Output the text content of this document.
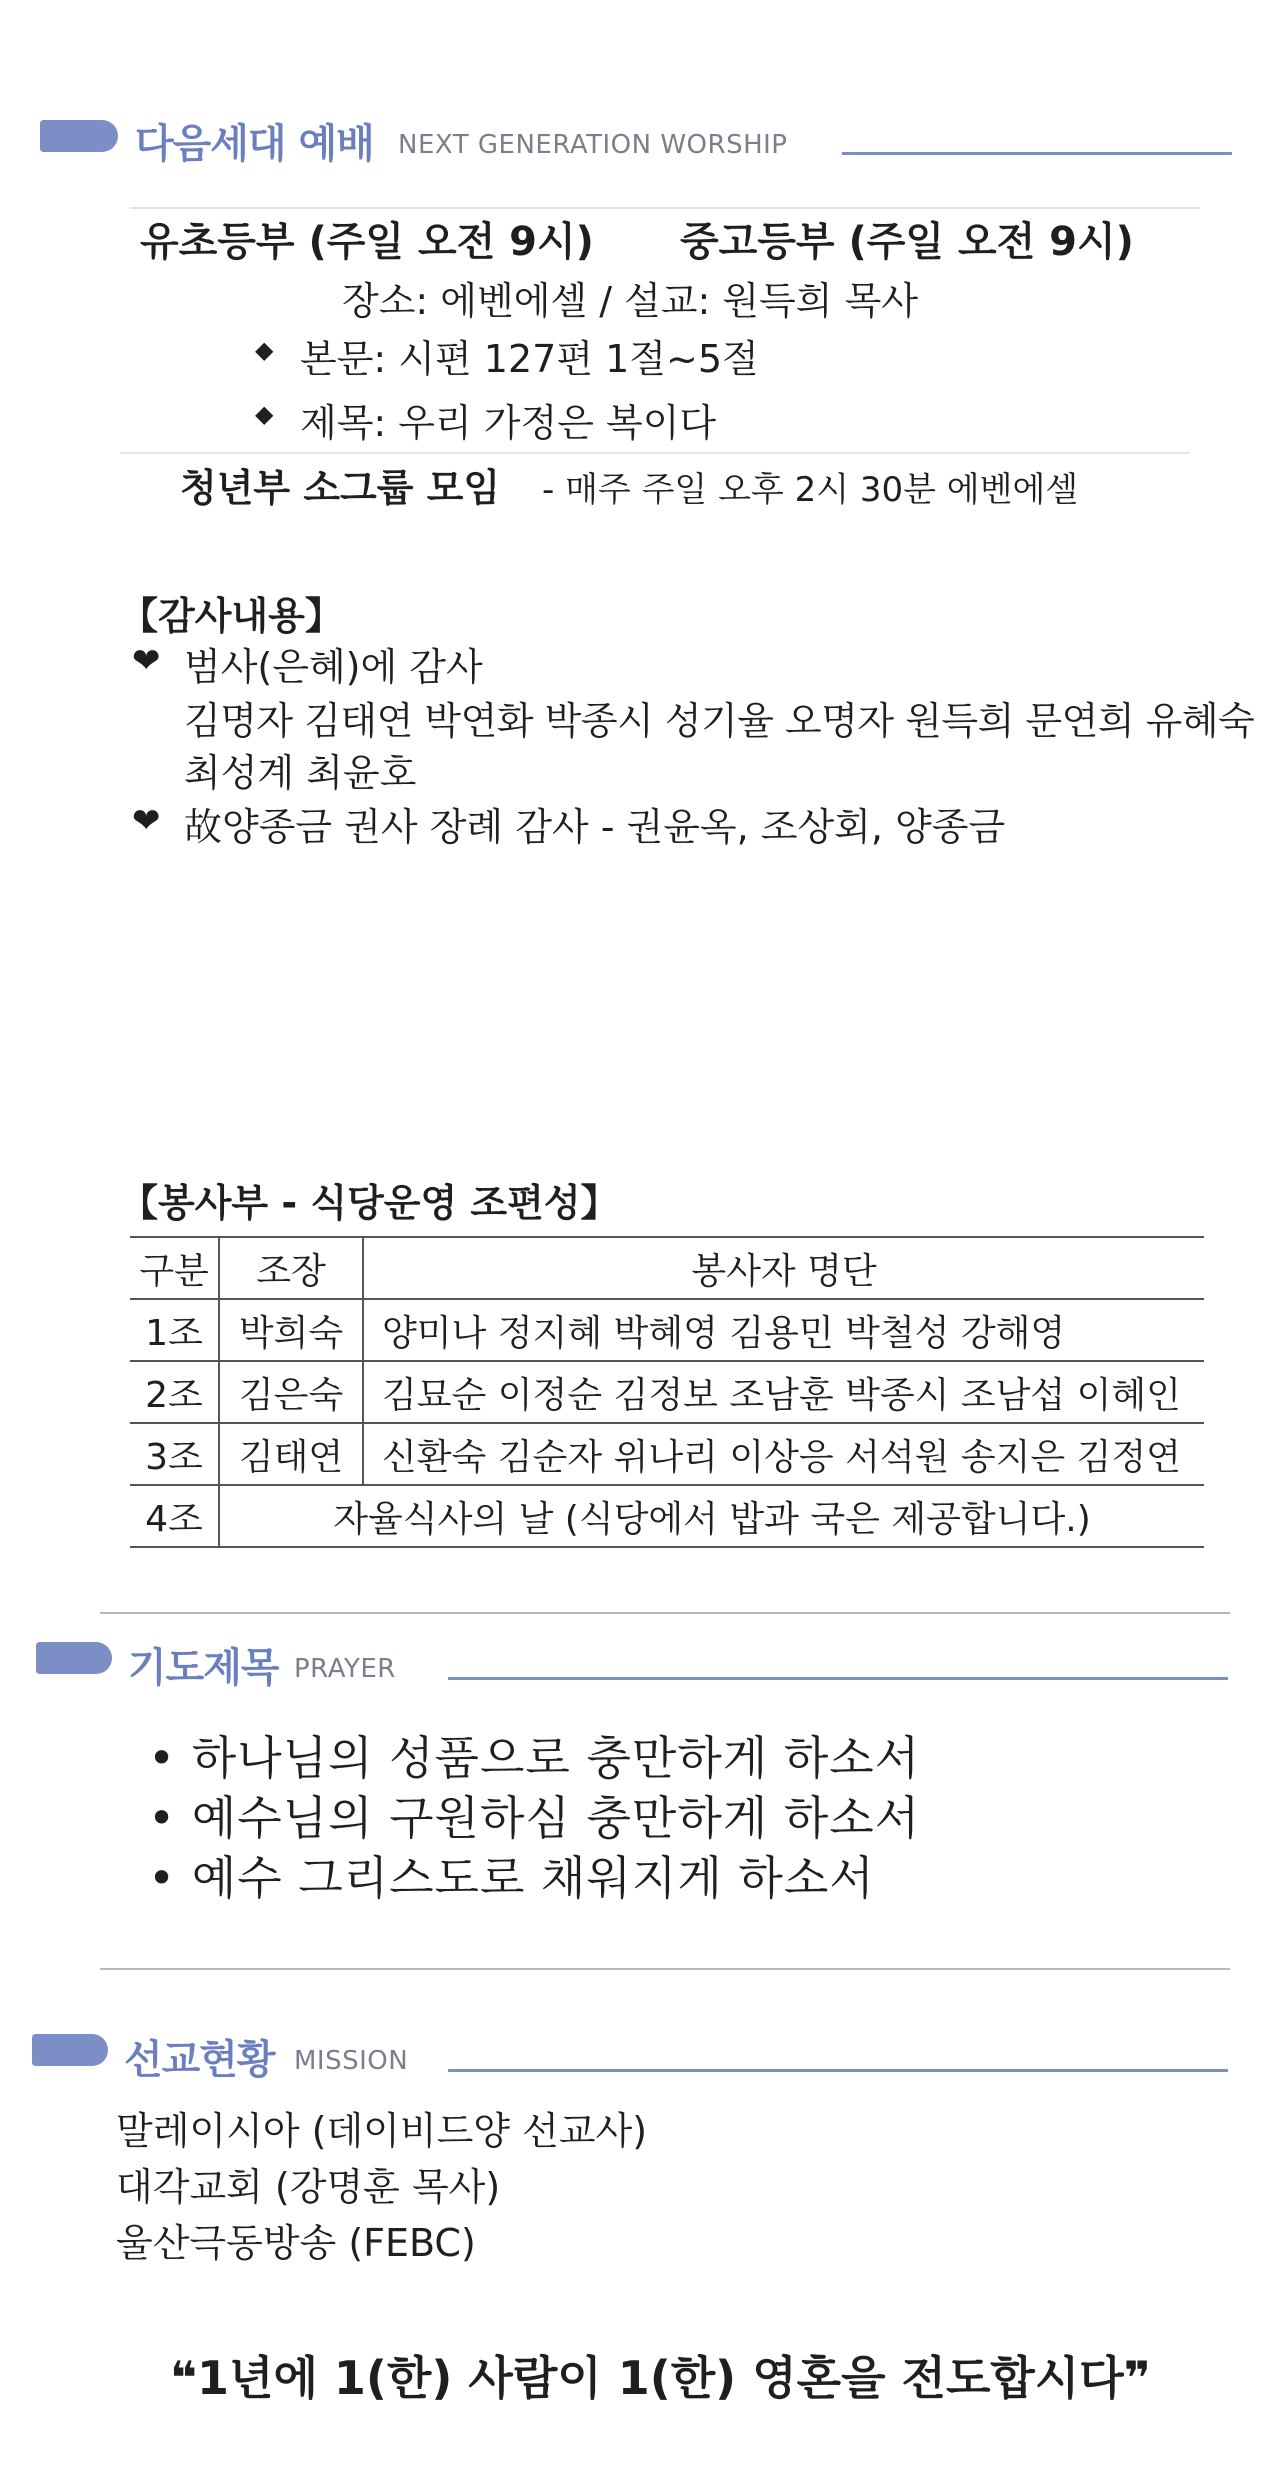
다음세대 예배 NEXT GENERATION WORSHIP
유초등부 (주일 오전 9시) 중고등부 (주일 오전 9시)
장소: 에벤에셀 / 설교: 원득희 목사
◆ 본문: 시편 127편 1절~5절
◆ 제목: 우리 가정은 복이다
청년부 소그룹 모임 - 매주 주일 오후 2시 30분 에벤에셀
【감사내용】
❤ 범사(은혜)에 감사
김명자 김태연 박연화 박종시 성기율 오명자 원득희 문연희 유혜숙
최성계 최윤호
❤ 故양종금 권사 장례 감사 - 권윤옥, 조상회, 양종금
【봉사부 - 식당운영 조편성】
구분	조장	봉사자 명단
1조	박희숙	양미나 정지혜 박혜영 김용민 박철성 강해영
2조	김은숙	김묘순 이정순 김정보 조남훈 박종시 조남섭 이혜인
3조	김태연	신환숙 김순자 위나리 이상응 서석원 송지은 김정연
4조	자율식사의 날 (식당에서 밥과 국은 제공합니다.)	
기도제목 PRAYER
• 하나님의 성품으로 충만하게 하소서
• 예수님의 구원하심 충만하게 하소서
• 예수 그리스도로 채워지게 하소서
선교현황 MISSION
말레이시아 (데이비드양 선교사)
대각교회 (강명훈 목사)
울산극동방송 (FEBC)
❝1년에 1(한) 사람이 1(한) 영혼을 전도합시다❞
